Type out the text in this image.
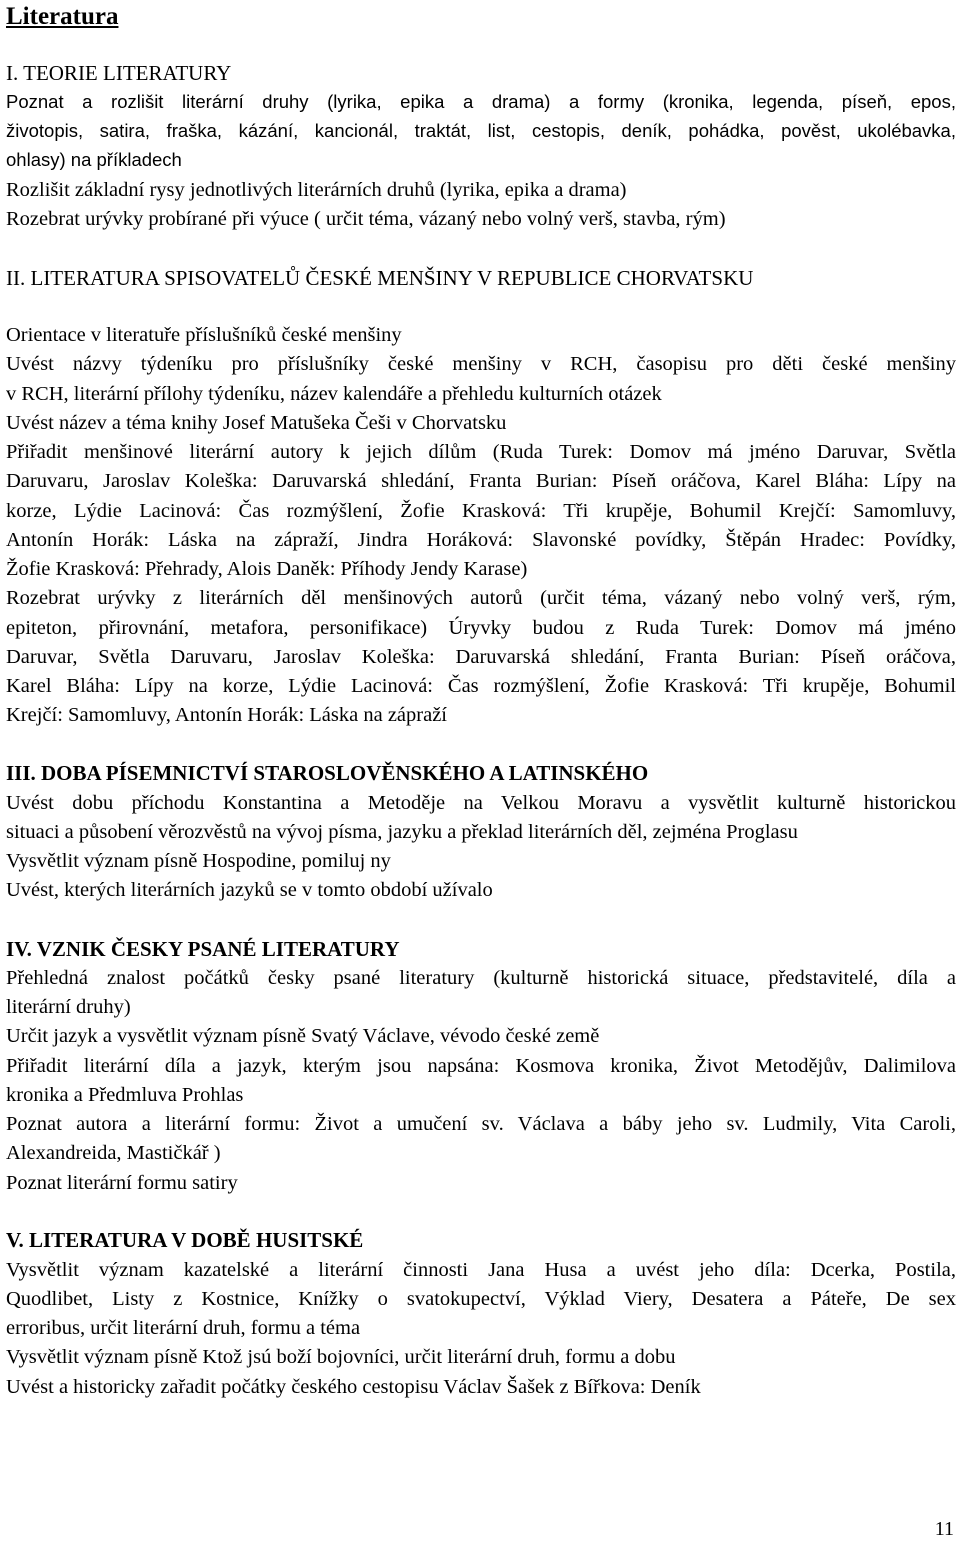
Literatura
I. TEORIE LITERATURY
Poznat a rozlišit literární druhy (lyrika, epika a drama) a formy (kronika, legenda, píseň, epos,
životopis, satira, fraška, kázání, kancionál, traktát, list, cestopis, deník, pohádka, pověst, ukolébavka,
ohlasy) na příkladech
Rozlišit základní rysy jednotlivých literárních druhů (lyrika, epika a drama)
Rozebrat urývky probírané při výuce ( určit téma, vázaný nebo volný verš, stavba, rým)
II. LITERATURA SPISOVATELŮ ČESKÉ MENŠINY V REPUBLICE CHORVATSKU
Orientace v literatuře příslušníků české menšiny
Uvést názvy týdeníku pro příslušníky české menšiny v RCH, časopisu pro děti české menšiny
v RCH, literární přílohy týdeníku, název kalendáře a přehledu kulturních otázek
Uvést název a téma knihy Josef Matušeka Češi v Chorvatsku
Přiřadit menšinové literární autory k jejich dílům (Ruda Turek: Domov má jméno Daruvar, Světla
Daruvaru, Jaroslav Koleška: Daruvarská shledání, Franta Burian: Píseň oráčova, Karel Bláha: Lípy na
korze, Lýdie Lacinová: Čas rozmýšlení, Žofie Krasková: Tři krupěje, Bohumil Krejčí: Samomluvy,
Antonín Horák: Láska na zápraží, Jindra Horáková: Slavonské povídky, Štěpán Hradec: Povídky,
Žofie Krasková: Přehrady, Alois Daněk: Příhody Jendy Karase)
Rozebrat urývky z literárních děl menšinových autorů (určit téma, vázaný nebo volný verš, rým,
epiteton, přirovnání, metafora, personifikace) Úryvky budou z Ruda Turek: Domov má jméno
Daruvar, Světla Daruvaru, Jaroslav Koleška: Daruvarská shledání, Franta Burian: Píseň oráčova,
Karel Bláha: Lípy na korze, Lýdie Lacinová: Čas rozmýšlení, Žofie Krasková: Tři krupěje, Bohumil
Krejčí: Samomluvy, Antonín Horák: Láska na zápraží
III. DOBA PÍSEMNICTVÍ STAROSLOVĚNSKÉHO A LATINSKÉHO
Uvést dobu příchodu Konstantina a Metoděje na Velkou Moravu a vysvětlit kulturně historickou
situaci a působení věrozvěstů na vývoj písma, jazyku a překlad literárních děl, zejména Proglasu
Vysvětlit význam písně Hospodine, pomiluj ny
Uvést, kterých literárních jazyků se v tomto období užívalo
IV. VZNIK ČESKY PSANÉ LITERATURY
Přehledná znalost počátků česky psané literatury (kulturně historická situace, představitelé, díla a
literární druhy)
Určit jazyk a vysvětlit význam písně Svatý Václave, vévodo české země
Přiřadit literární díla a jazyk, kterým jsou napsána: Kosmova kronika, Život Metodějův, Dalimilova
kronika a Předmluva Prohlas
Poznat autora a literární formu: Život a umučení sv. Václava a báby jeho sv. Ludmily, Vita Caroli,
Alexandreida, Mastičkář )
Poznat literární formu satiry
V. LITERATURA V DOBĚ HUSITSKÉ
Vysvětlit význam kazatelské a literární činnosti Jana Husa a uvést jeho díla: Dcerka, Postila,
Quodlibet, Listy z Kostnice, Knížky o svatokupectví, Výklad Viery, Desatera a Páteře, De sex
erroribus, určit literární druh, formu a téma
Vysvětlit význam písně Ktož jsú boží bojovníci, určit literární druh, formu a dobu
Uvést a historicky zařadit počátky českého cestopisu Václav Šašek z Bířkova: Deník
11
